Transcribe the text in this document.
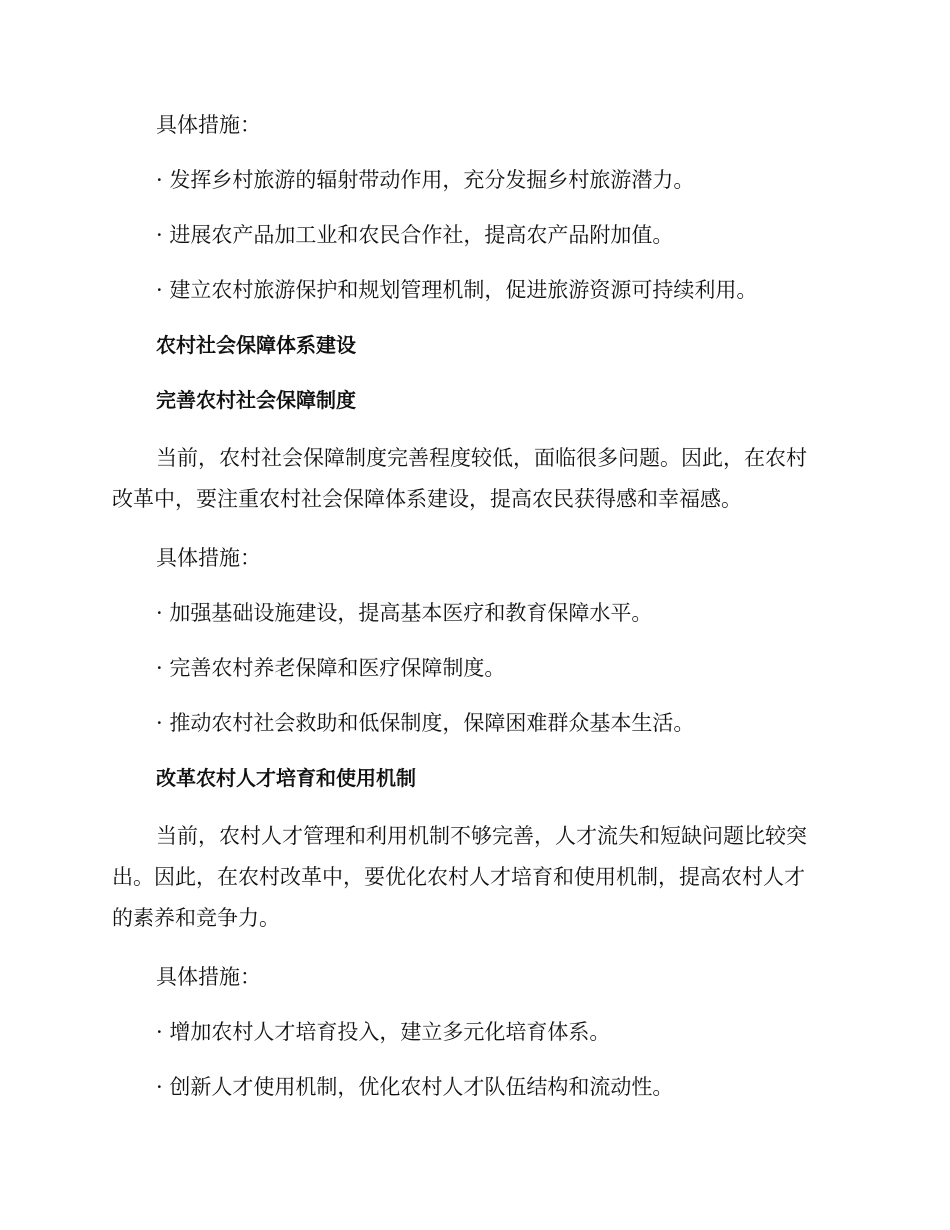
具体措施：

· 发挥乡村旅游的辐射带动作用，充分发掘乡村旅游潜力。

· 进展农产品加工业和农民合作社，提高农产品附加值。

· 建立农村旅游保护和规划管理机制，促进旅游资源可持续利用。

农村社会保障体系建设

完善农村社会保障制度

当前，农村社会保障制度完善程度较低，面临很多问题。因此，在农村

改革中，要注重农村社会保障体系建设，提高农民获得感和幸福感。

具体措施：

· 加强基础设施建设，提高基本医疗和教育保障水平。

· 完善农村养老保障和医疗保障制度。

· 推动农村社会救助和低保制度，保障困难群众基本生活。

改革农村人才培育和使用机制

当前，农村人才管理和利用机制不够完善，人才流失和短缺问题比较突

出。因此，在农村改革中，要优化农村人才培育和使用机制，提高农村人才

的素养和竞争力。

具体措施：

· 增加农村人才培育投入，建立多元化培育体系。

· 创新人才使用机制，优化农村人才队伍结构和流动性。
